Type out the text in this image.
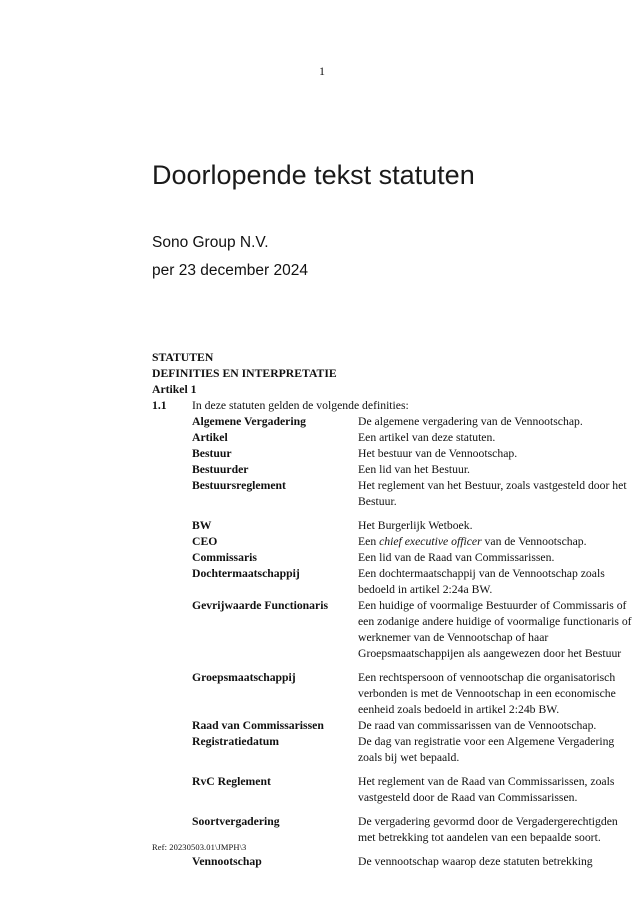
1
Doorlopende tekst statuten
Sono Group N.V.
per 23 december 2024
STATUTEN
DEFINITIES EN INTERPRETATIE
Artikel 1
1.1	In deze statuten gelden de volgende definities:
Algemene Vergadering	De algemene vergadering van de Vennootschap.
Artikel	Een artikel van deze statuten.
Bestuur	Het bestuur van de Vennootschap.
Bestuurder	Een lid van het Bestuur.
Bestuursreglement	Het reglement van het Bestuur, zoals vastgesteld door het Bestuur.
BW	Het Burgerlijk Wetboek.
CEO	Een chief executive officer van de Vennootschap.
Commissaris	Een lid van de Raad van Commissarissen.
Dochtermaatschappij	Een dochtermaatschappij van de Vennootschap zoals bedoeld in artikel 2:24a BW.
Gevrijwaarde Functionaris	Een huidige of voormalige Bestuurder of Commissaris of een zodanige andere huidige of voormalige functionaris of werknemer van de Vennootschap of haar Groepsmaatschappijen als aangewezen door het Bestuur
Groepsmaatschappij	Een rechtspersoon of vennootschap die organisatorisch verbonden is met de Vennootschap in een economische eenheid zoals bedoeld in artikel 2:24b BW.
Raad van Commissarissen	De raad van commissarissen van de Vennootschap.
Registratiedatum	De dag van registratie voor een Algemene Vergadering zoals bij wet bepaald.
RvC Reglement	Het reglement van de Raad van Commissarissen, zoals vastgesteld door de Raad van Commissarissen.
Soortvergadering	De vergadering gevormd door de Vergadergerechtigden met betrekking tot aandelen van een bepaalde soort.
Vennootschap	De vennootschap waarop deze statuten betrekking
Ref: 20230503.01\JMPH\3
